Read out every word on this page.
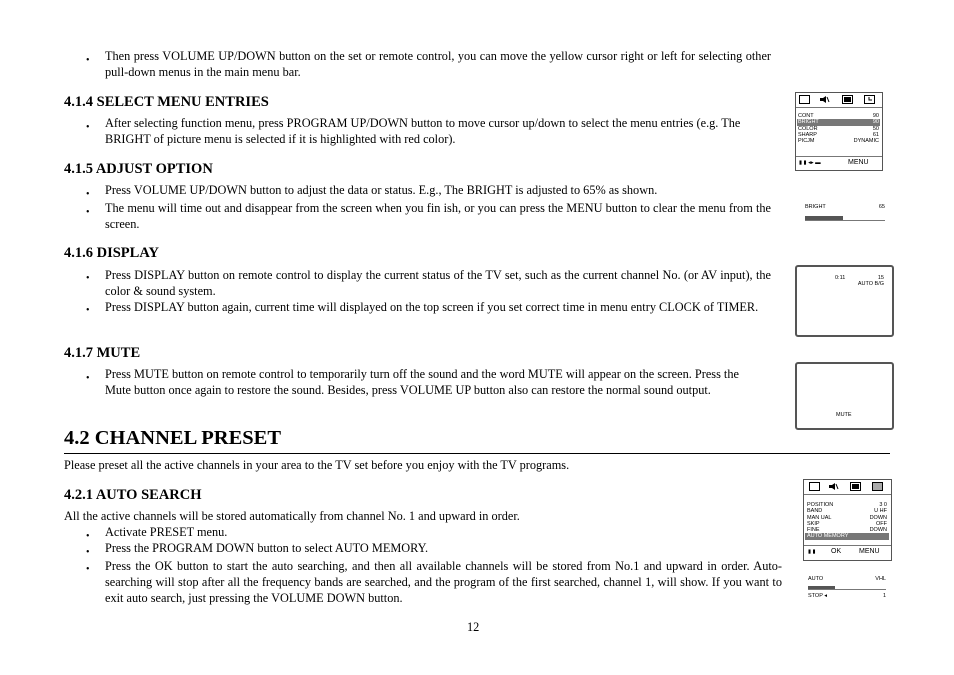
• Then press VOLUME UP/DOWN button on the set or remote control, you can move the yellow cursor right or left for selecting other pull-down menus in the main menu bar.
4.1.4 SELECT MENU ENTRIES
• After selecting function menu, press PROGRAM UP/DOWN button to move cursor up/down to select the menu entries (e.g. The BRIGHT of picture menu is selected if it is highlighted with red color).
4.1.5 ADJUST OPTION
• Press VOLUME UP/DOWN button to adjust the data or status. E.g., The BRIGHT is adjusted to 65% as shown.
• The menu will time out and disappear from the screen when you fin ish, or you can press the MENU button to clear the menu from the screen.
4.1.6 DISPLAY
• Press DISPLAY button on remote control to display the current status of the TV set, such as the current channel No. (or AV input), the color & sound system.
• Press DISPLAY button again, current time will displayed on the top screen if you set correct time in menu entry CLOCK of TIMER.
4.1.7 MUTE
• Press MUTE button on remote control to temporarily turn off the sound and the word MUTE will appear on the screen. Press the Mute button once again to restore the sound. Besides, press VOLUME UP button also can restore the normal sound output.
4.2 CHANNEL PRESET
Please preset all the active channels in your area to the TV set before you enjoy with the TV programs.
4.2.1 AUTO SEARCH
All the active channels will be stored automatically from channel No. 1 and upward in order.
• Activate PRESET menu.
• Press the PROGRAM DOWN button to select AUTO MEMORY.
• Press the OK button to start the auto searching, and then all available channels will be stored from No.1 and upward in order. Auto-searching will stop after all the frequency bands are searched, and the program of the first searched, channel 1, will show. If you want to exit auto search, just pressing the VOLUME DOWN button.
12
CONT	90
BRIGHT	90
COLOR	50
SHARP	61
PICJM	DYNAMIC
▮ ▮ ◂▸ ▬	MENU
BRIGHT	65
0:11	15
AUTO B/G
MUTE
POSITION	3 0
BAND	U HF
MAN UAL	DOWN
SKIP	OFF
FINE	DOWN
AUTO MEMORY
▮ ▮ OK	MENU
AUTO	VHL
STOP ◂	1
